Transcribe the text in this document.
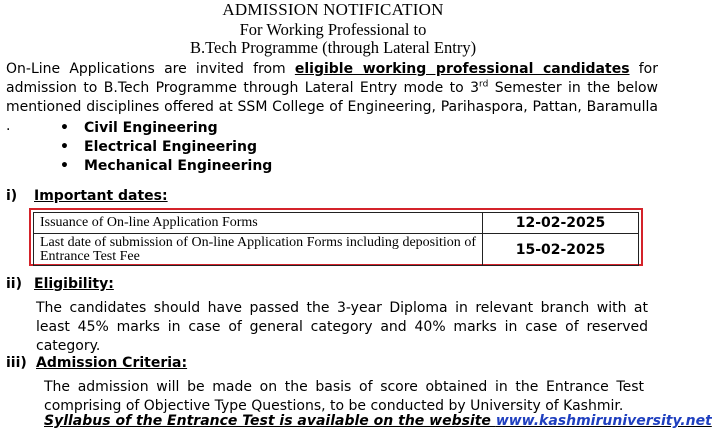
ADMISSION NOTIFICATION
For Working Professional to
B.Tech Programme (through Lateral Entry)
On-Line Applications are invited from eligible working professional candidates for admission to B.Tech Programme through Lateral Entry mode to 3rd Semester in the below mentioned disciplines offered at SSM College of Engineering, Parihaspora, Pattan, Baramulla .	• Civil Engineering
• Electrical Engineering
• Mechanical Engineering
i) Important dates:
Issuance of On-line Application Forms	12-02-2025
Last date of submission of On-line Application Forms including deposition of Entrance Test Fee	15-02-2025
ii) Eligibility:
The candidates should have passed the 3-year Diploma in relevant branch with at least 45% marks in case of general category and 40% marks in case of reserved category.
iii) Admission Criteria:
The admission will be made on the basis of score obtained in the Entrance Test comprising of Objective Type Questions, to be conducted by University of Kashmir.
Syllabus of the Entrance Test is available on the website www.kashmiruniversity.net
